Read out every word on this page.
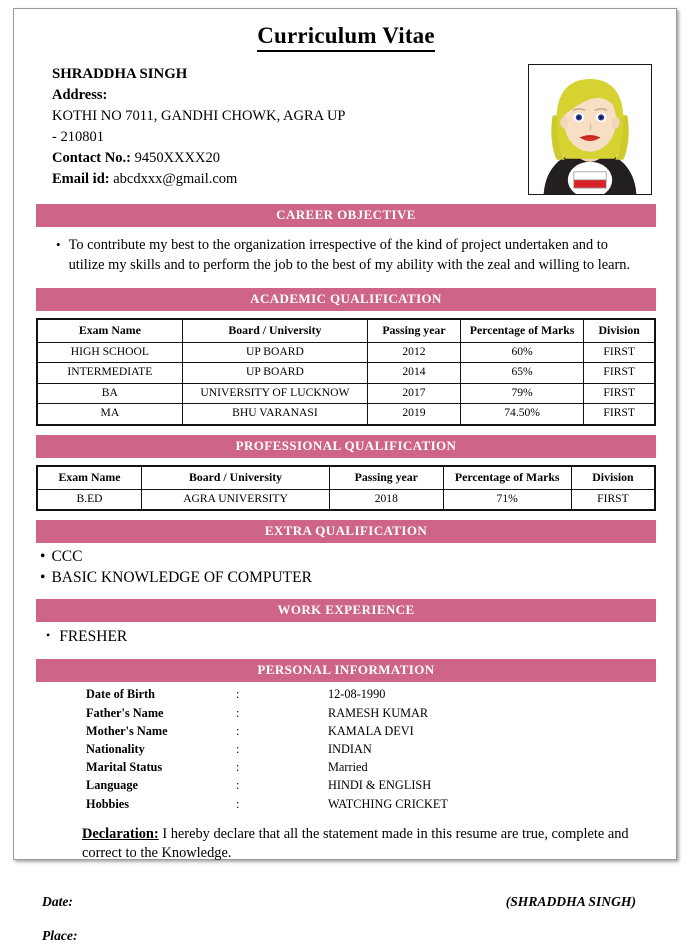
Curriculum Vitae
SHRADDHA SINGH
Address:
KOTHI NO 7011, GANDHI CHOWK, AGRA UP
- 210801
Contact No.: 9450XXXX20
Email id: abcdxxx@gmail.com
CAREER OBJECTIVE
• To contribute my best to the organization irrespective of the kind of project undertaken and to utilize my skills and to perform the job to the best of my ability with the zeal and willing to learn.
ACADEMIC QUALIFICATION
Exam Name	Board / University	Passing year	Percentage of Marks	Division
HIGH SCHOOL	UP BOARD	2012	60%	FIRST
INTERMEDIATE	UP BOARD	2014	65%	FIRST
BA	UNIVERSITY OF LUCKNOW	2017	79%	FIRST
MA	BHU VARANASI	2019	74.50%	FIRST
PROFESSIONAL QUALIFICATION
Exam Name	Board / University	Passing year	Percentage of Marks	Division
B.ED	AGRA UNIVERSITY	2018	71%	FIRST
EXTRA QUALIFICATION
• CCC
• BASIC KNOWLEDGE OF COMPUTER
WORK EXPERIENCE
• FRESHER
PERSONAL INFORMATION
Date of Birth	:	12-08-1990
Father's Name	:	RAMESH KUMAR
Mother's Name	:	KAMALA DEVI
Nationality	:	INDIAN
Marital Status	:	Married
Language	:	HINDI & ENGLISH
Hobbies	:	WATCHING CRICKET
Declaration: I hereby declare that all the statement made in this resume are true, complete and correct to the Knowledge.
Date:	(SHRADDHA SINGH)
Place:
